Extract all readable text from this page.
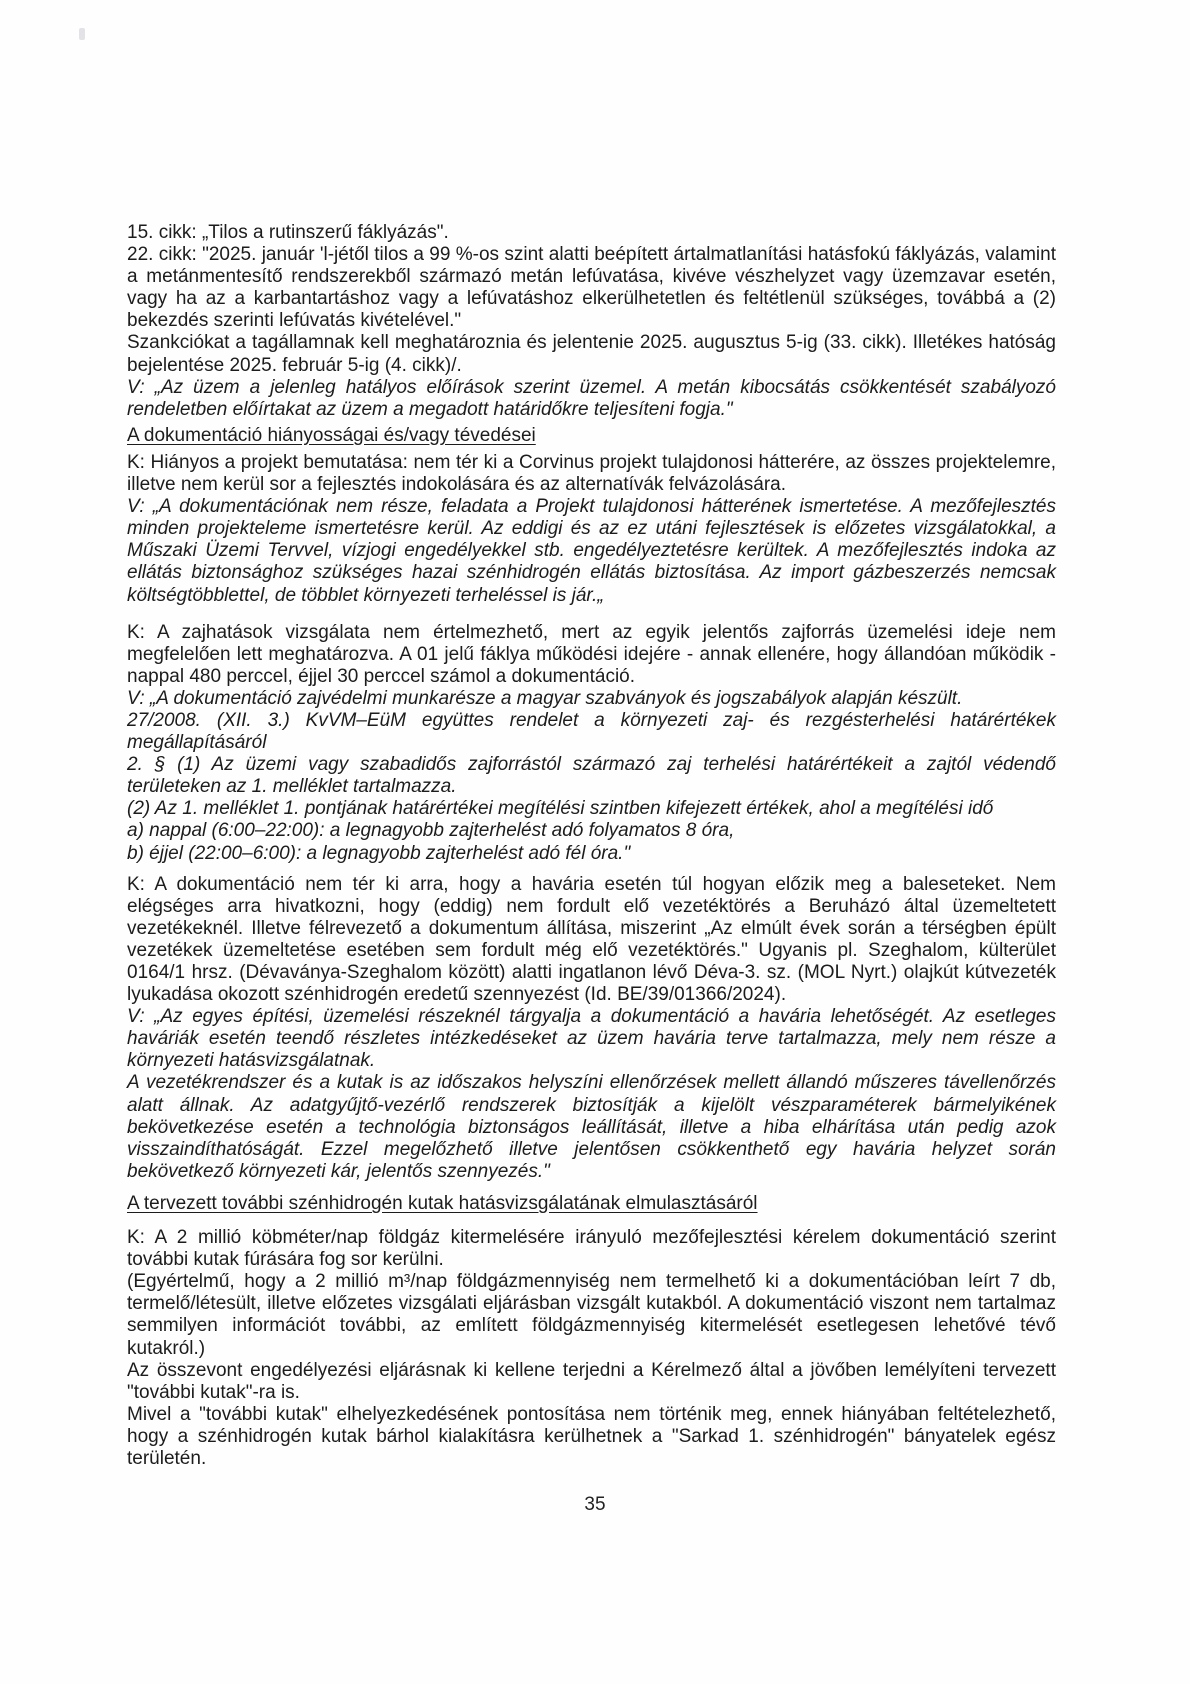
15. cikk: „Tilos a rutinszerű fáklyázás".

22. cikk: "2025. január 'l-jétől tilos a 99 %-os szint alatti beépített ártalmatlanítási hatásfokú fáklyázás, valamint a metánmentesítő rendszerekből származó metán lefúvatása, kivéve vészhelyzet vagy üzemzavar esetén, vagy ha az a karbantartáshoz vagy a lefúvatáshoz elkerülhetetlen és feltétlenül szükséges, továbbá a (2) bekezdés szerinti lefúvatás kivételével."

Szankciókat a tagállamnak kell meghatároznia és jelentenie 2025. augusztus 5-ig (33. cikk). Illetékes hatóság bejelentése 2025. február 5-ig (4. cikk)/.

V: „Az üzem a jelenleg hatályos előírások szerint üzemel. A metán kibocsátás csökkentését szabályozó rendeletben előírtakat az üzem a megadott határidőkre teljesíteni fogja."

A dokumentáció hiányosságai és/vagy tévedései

K: Hiányos a projekt bemutatása: nem tér ki a Corvinus projekt tulajdonosi hátterére, az összes projektelemre, illetve nem kerül sor a fejlesztés indokolására és az alternatívák felvázolására.

V: „A dokumentációnak nem része, feladata a Projekt tulajdonosi hátterének ismertetése. A mezőfejlesztés minden projekteleme ismertetésre kerül. Az eddigi és az ez utáni fejlesztések is előzetes vizsgálatokkal, a Műszaki Üzemi Tervvel, vízjogi engedélyekkel stb. engedélyeztetésre kerültek. A mezőfejlesztés indoka az ellátás biztonsághoz szükséges hazai szénhidrogén ellátás biztosítása. Az import gázbeszerzés nemcsak költségtöbblettel, de többlet környezeti terheléssel is jár.„

K: A zajhatások vizsgálata nem értelmezhető, mert az egyik jelentős zajforrás üzemelési ideje nem megfelelően lett meghatározva. A 01 jelű fáklya működési idejére - annak ellenére, hogy állandóan működik - nappal 480 perccel, éjjel 30 perccel számol a dokumentáció.

V: „A dokumentáció zajvédelmi munkarésze a magyar szabványok és jogszabályok alapján készült.

27/2008. (XII. 3.) KvVM–EüM együttes rendelet a környezeti zaj- és rezgésterhelési határértékek megállapításáról

2. § (1) Az üzemi vagy szabadidős zajforrástól származó zaj terhelési határértékeit a zajtól védendő területeken az 1. melléklet tartalmazza.

(2) Az 1. melléklet 1. pontjának határértékei megítélési szintben kifejezett értékek, ahol a megítélési idő

a) nappal (6:00–22:00): a legnagyobb zajterhelést adó folyamatos 8 óra,

b) éjjel (22:00–6:00): a legnagyobb zajterhelést adó fél óra."

K: A dokumentáció nem tér ki arra, hogy a havária esetén túl hogyan előzik meg a baleseteket. Nem elégséges arra hivatkozni, hogy (eddig) nem fordult elő vezetéktörés a Beruházó által üzemeltetett vezetékeknél. Illetve félrevezető a dokumentum állítása, miszerint „Az elmúlt évek során a térségben épült vezetékek üzemeltetése esetében sem fordult még elő vezetéktörés." Ugyanis pl. Szeghalom, külterület 0164/1 hrsz. (Dévaványa-Szeghalom között) alatti ingatlanon lévő Déva-3. sz. (MOL Nyrt.) olajkút kútvezeték lyukadása okozott szénhidrogén eredetű szennyezést (Id. BE/39/01366/2024).

V: „Az egyes építési, üzemelési részeknél tárgyalja a dokumentáció a havária lehetőségét. Az esetleges haváriák esetén teendő részletes intézkedéseket az üzem havária terve tartalmazza, mely nem része a környezeti hatásvizsgálatnak.

A vezetékrendszer és a kutak is az időszakos helyszíni ellenőrzések mellett állandó műszeres távellenőrzés alatt állnak. Az adatgyűjtő-vezérlő rendszerek biztosítják a kijelölt vészparaméterek bármelyikének bekövetkezése esetén a technológia biztonságos leállítását, illetve a hiba elhárítása után pedig azok visszaindíthatóságát. Ezzel megelőzhető illetve jelentősen csökkenthető egy havária helyzet során bekövetkező környezeti kár, jelentős szennyezés."

A tervezett további szénhidrogén kutak hatásvizsgálatának elmulasztásáról

K: A 2 millió köbméter/nap földgáz kitermelésére irányuló mezőfejlesztési kérelem dokumentáció szerint további kutak fúrására fog sor kerülni.

(Egyértelmű, hogy a 2 millió m³/nap földgázmennyiség nem termelhető ki a dokumentációban leírt 7 db, termelő/létesült, illetve előzetes vizsgálati eljárásban vizsgált kutakból. A dokumentáció viszont nem tartalmaz semmilyen információt további, az említett földgázmennyiség kitermelését esetlegesen lehetővé tévő kutakról.)

Az összevont engedélyezési eljárásnak ki kellene terjedni a Kérelmező által a jövőben lemélyíteni tervezett "további kutak"-ra is.

Mivel a "további kutak" elhelyezkedésének pontosítása nem történik meg, ennek hiányában feltételezhető, hogy a szénhidrogén kutak bárhol kialakításra kerülhetnek a "Sarkad 1. szénhidrogén" bányatelek egész területén.

35
